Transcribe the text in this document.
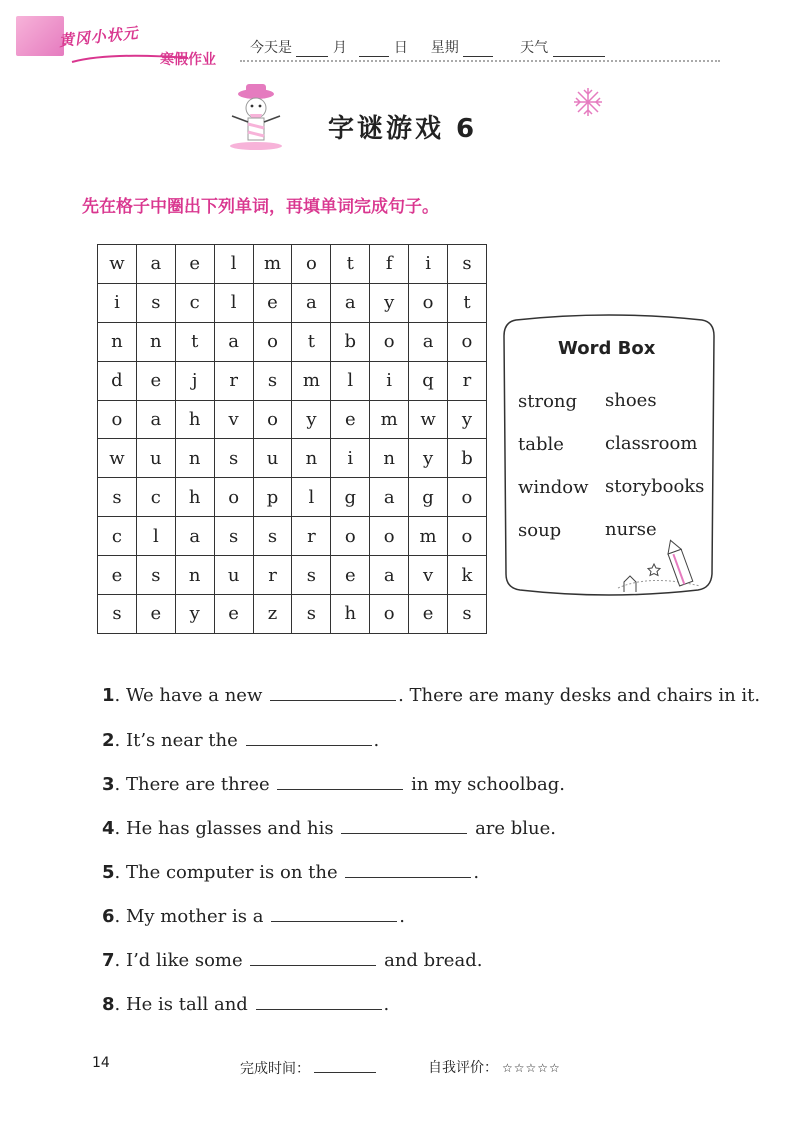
黄冈小状元
寒假作业
今天是	月	日 星期	天气
字谜游戏 6
先在格子中圈出下列单词，再填单词完成句子。
w	a	e	l	m	o	t	f	i	s
i	s	c	l	e	a	a	y	o	t
n	n	t	a	o	t	b	o	a	o
d	e	j	r	s	m	l	i	q	r
o	a	h	v	o	y	e	m	w	y
w	u	n	s	u	n	i	n	y	b
s	c	h	o	p	l	g	a	g	o
c	l	a	s	s	r	o	o	m	o
e	s	n	u	r	s	e	a	v	k
s	e	y	e	z	s	h	o	e	s
Word Box
strong shoes
table classroom
window storybooks
soup nurse
1. We have a new	. There are many desks and chairs in it.
2. It’s near the	.
3. There are three	in my schoolbag.
4. He has glasses and his	are blue.
5. The computer is on the	.
6. My mother is a	.
7. I’d like some	and bread.
8. He is tall and	.
14	完成时间：	自我评价： ☆☆☆☆☆
